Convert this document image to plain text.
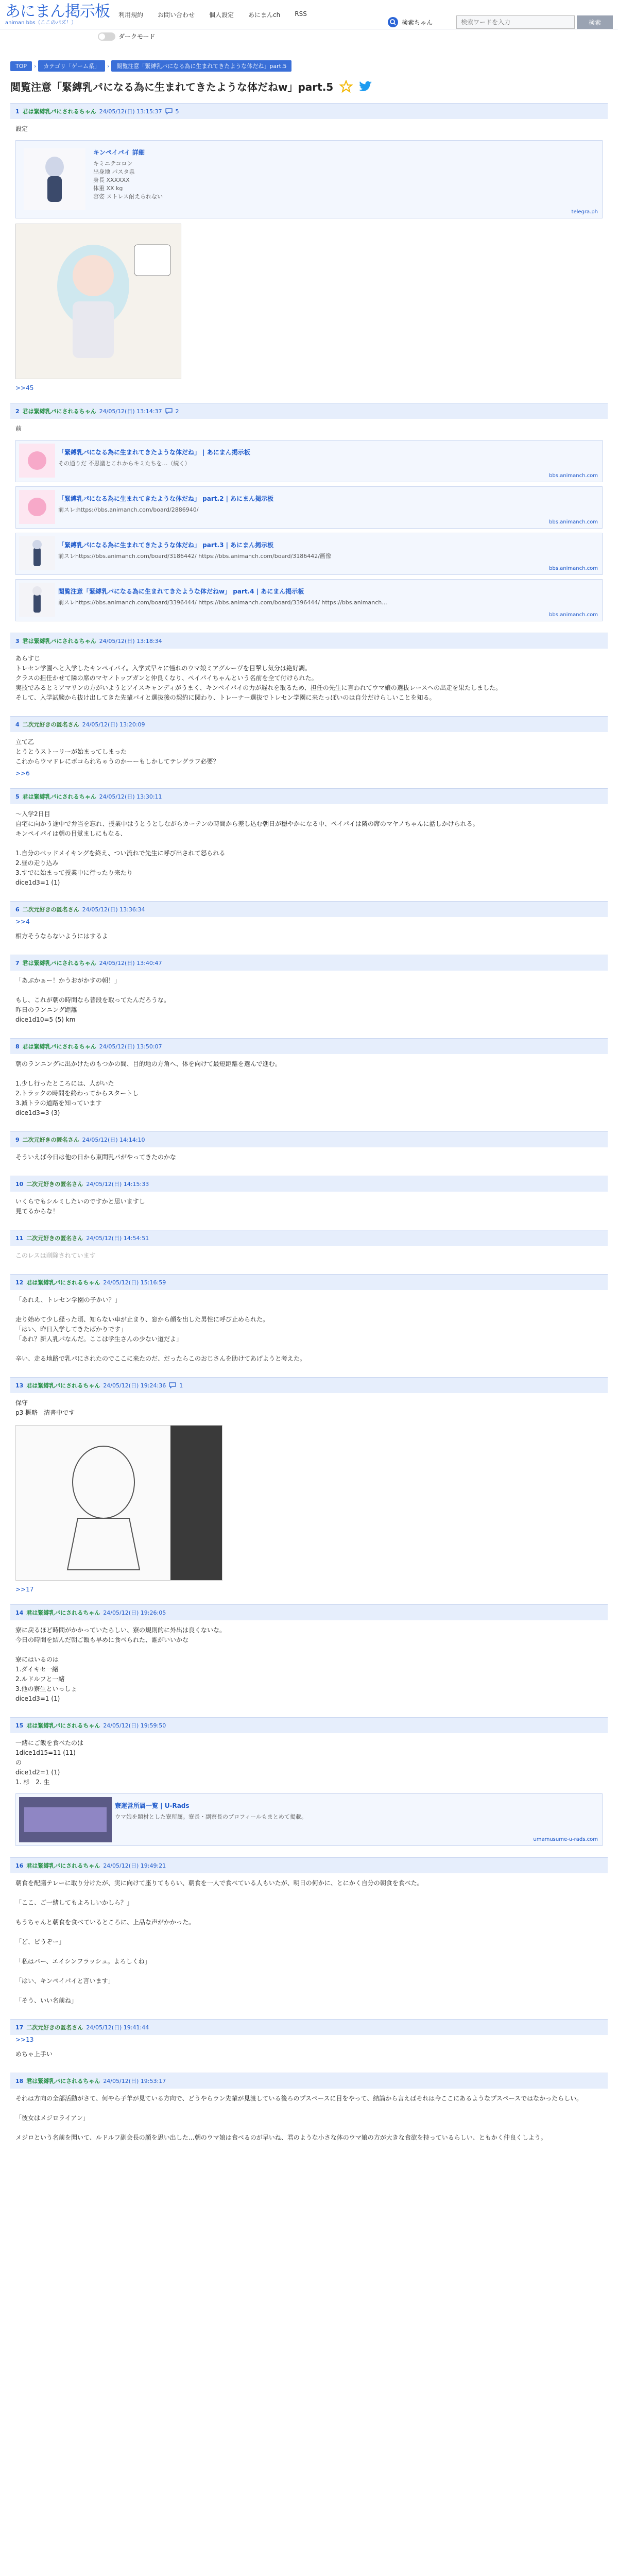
あにまん掲示板
animan bbs（ここのパズ！）
利用規約 お問い合わせ 個人設定 あにまんch RSS
検索ちゃん
検索ワードを入力	検索
ダークモード
TOP	›	カテゴリ「ゲーム系」	›	閲覧注意「緊縛乳パになる為に生まれてきたような体だね」part.5
閲覧注意「緊縛乳パになる為に生まれてきたような体だねw」part.5
1 君は緊縛乳パにされるちゃん 24/05/12(日) 13:15:37 5
設定
キンペイパイ 詳細
キミニテコロン
出身地 パスタ県
身長 XXXXXX
体重 XX kg
容姿 ストレス耐えられない
telegra.ph
>>45
2 君は緊縛乳パにされるちゃん 24/05/12(日) 13:14:37 2
前
「緊縛乳パになる為に生まれてきたような体だね」 | あにまん掲示板
その通りだ 不思議とこれからキミたちを…（続く）
bbs.animanch.com
「緊縛乳パになる為に生まれてきたような体だね」 part.2 | あにまん掲示板
前スレ:https://bbs.animanch.com/board/2886940/
bbs.animanch.com
「緊縛乳パになる為に生まれてきたような体だね」 part.3 | あにまん掲示板
前スレhttps://bbs.animanch.com/board/3186442/ https://bbs.animanch.com/board/3186442/画像
bbs.animanch.com
閲覧注意「緊縛乳パになる為に生まれてきたような体だねw」 part.4 | あにまん掲示板
前スレhttps://bbs.animanch.com/board/3396444/ https://bbs.animanch.com/board/3396444/ https://bbs.animanch...
bbs.animanch.com
3 君は緊縛乳パにされるちゃん 24/05/12(日) 13:18:34
あらすじ
トレセン学園へと入学したキンペイパイ。入学式早々に憧れのウマ娘ミアグルーヴを目撃し気分は絶好調。
クラスの担任かせて隣の席のマヤノトップガンと仲良くなり、ペイパイちゃんという名前を全て付けられた。
実技でみるとミアマリンの方がいようとアイスキャンディがうまく、キンペイパイの力が遅れを取るため、担任の先生に言われてウマ娘の選抜レースへの出走を果たしました。
そして、入学試験から抜け出してきた先輩パイと選抜後の契約に関わり、トレーナー選抜でトレセン学園に来たっぽいのは自分だけらしいことを知る。
4 二次元好きの匿名さん 24/05/12(日) 13:20:09
立て乙
とうとうストーリーが始まってしまった
これからウマドレにボコられちゃうのかーーもしかしてテレグラフ必要？
>>6
5 君は緊縛乳パにされるちゃん 24/05/12(日) 13:30:11
～入学2日目
自宅に向かう途中で弁当を忘れ、授業中はうとうとしながらカーテンの時間から差し込む朝日が穏やかになる中、ペイパイは隣の席のマヤノちゃんに話しかけられる。
キンペイパイは朝の目覚ましにもなる、

1.自分のベッドメイキングを終え、つい流れで先生に呼び出されて怒られる
2.昼の走り込み
3.すでに始まって授業中に行ったり来たり
dice1d3=1 (1)
6 二次元好きの匿名さん 24/05/12(日) 13:36:34
>>4
相方そうならないようにはするよ
7 君は緊縛乳パにされるちゃん 24/05/12(日) 13:40:47
「あぶかぁー！かうおがかすの朝！」

もし、これが朝の時間なら普段を取ってたんだろうな。
昨日のランニング距離
dice1d10=5 (5) km
8 君は緊縛乳パにされるちゃん 24/05/12(日) 13:50:07
朝のランニングに出かけたのもつかの間、目的地の方角へ、体を向けて最短距離を選んで進む。

1.少し行ったところには、人がいた
2.トラックの時間を終わってからスタートし
3.減トラの道路を知っています
dice1d3=3 (3)
9 二次元好きの匿名さん 24/05/12(日) 14:14:10
そういえば今日は他の日から東間乳パがやってきたのかな
10 二次元好きの匿名さん 24/05/12(日) 14:15:33
いくらでもシルミしたいのですかと思いますし
見てるからな！
11 二次元好きの匿名さん 24/05/12(日) 14:54:51
このレスは削除されています
12 君は緊縛乳パにされるちゃん 24/05/12(日) 15:16:59
「あれえ、トレセン学園の子かい？」

走り始めて少し経った頃、知らない車が止まり、窓から顔を出した男性に呼び止められた。
「はい、昨日入学してきたばかりです」
「あれ？新人乳パなんだ。ここは学生さんの少ない道だよ」

辛い、走る地路で乳パにされたのでここに来たのだ、だったらこのおじさんを助けてあげようと考えた。
13 君は緊縛乳パにされるちゃん 24/05/12(日) 19:24:36 1
保守
p3 概略　清書中です
>>17
14 君は緊縛乳パにされるちゃん 24/05/12(日) 19:26:05
寮に戻るほど時間がかかっていたらしい、寮の規則的に外出は良くないな。
今日の時間を結んだ朝ご飯も早めに食べられた、誰がいいかな

寮にはいるのは
1.ダイキセ一緒
2.ルドルフと一緒
3.他の寮生といっしょ
dice1d3=1 (1)
15 君は緊縛乳パにされるちゃん 24/05/12(日) 19:59:50
一緒にご飯を食べたのは
1dice1d15=11 (11)
の
dice1d2=1 (1)
1. 杉　2. 生
寮運営所属一覧 | U-Rads
ウマ娘を題材とした寮所属。寮長・副寮長のプロフィールもまとめて掲載。
umamusume-u-rads.com
16 君は緊縛乳パにされるちゃん 24/05/12(日) 19:49:21
朝食を配膳テレーに取り分けたが、実に向けて座りてもらい、朝食を一人で食べている人もいたが、明日の何かに、とにかく自分の朝食を食べた。

「ここ、ご一緒してもよろしいかしら？」

もうちゃんと朝食を食べているところに、上品な声がかかった。

「ど、ピうぞー」

「私はパー、エイシンフラッシュ。よろしくね」

「はい、キンペイパイと言います」

「そう、いい名前ね」
17 二次元好きの匿名さん 24/05/12(日) 19:41:44
>>13
めちゃ上手い
18 君は緊縛乳パにされるちゃん 24/05/12(日) 19:53:17
それは方向の全部活動がさて、何やら子羊が見ている方向で、どうやらラン先輩が見渡している後ろのプスペースに目をやって、結論から言えばそれは今ここにあるようなプスペースではなかったらしい。

「彼女はメジロライアン」

メジロという名前を聞いて、ルドルフ副会長の顔を思い出した…朝のウマ娘は食べるのが早いね、君のような小さな体のウマ娘の方が大きな食欲を持っているらしい、ともかく仲良くしよう。
